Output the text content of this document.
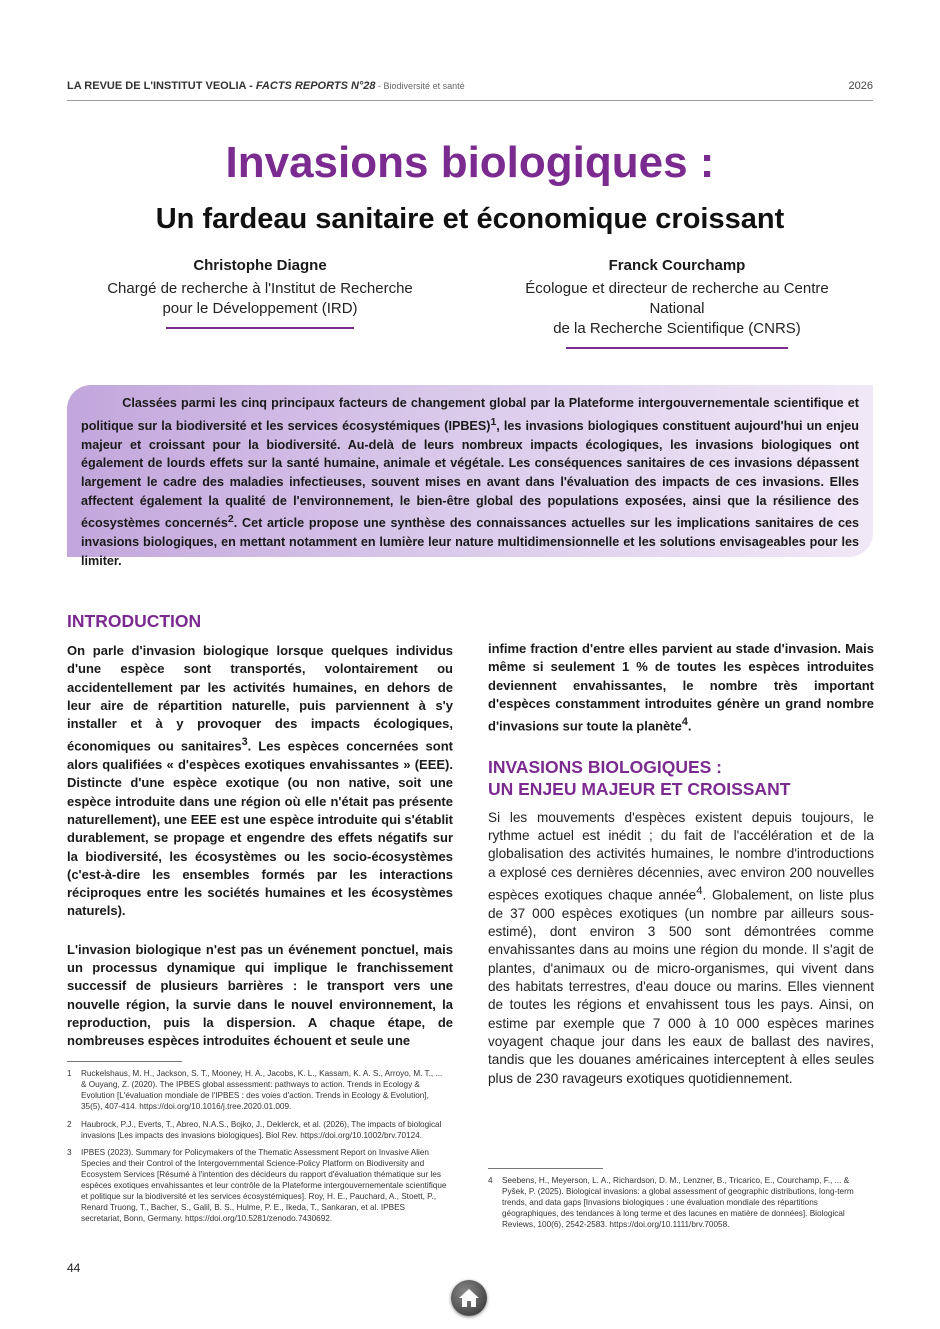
LA REVUE DE L'INSTITUT VEOLIA - FACTS REPORTS N°28 - Biodiversité et santé	2026
Invasions biologiques :
Un fardeau sanitaire et économique croissant
Christophe Diagne
Chargé de recherche à l'Institut de Recherche
pour le Développement (IRD)
Franck Courchamp
Écologue et directeur de recherche au Centre National
de la Recherche Scientifique (CNRS)
Classées parmi les cinq principaux facteurs de changement global par la Plateforme intergouvernementale scientifique et politique sur la biodiversité et les services écosystémiques (IPBES)$^1$, les invasions biologiques constituent aujourd'hui un enjeu majeur et croissant pour la biodiversité. Au-delà de leurs nombreux impacts écologiques, les invasions biologiques ont également de lourds effets sur la santé humaine, animale et végétale. Les conséquences sanitaires de ces invasions dépassent largement le cadre des maladies infectieuses, souvent mises en avant dans l'évaluation des impacts de ces invasions. Elles affectent également la qualité de l'environnement, le bien-être global des populations exposées, ainsi que la résilience des écosystèmes concernés$^2$. Cet article propose une synthèse des connaissances actuelles sur les implications sanitaires de ces invasions biologiques, en mettant notamment en lumière leur nature multidimensionnelle et les solutions envisageables pour les limiter.
INTRODUCTION
On parle d'invasion biologique lorsque quelques individus d'une espèce sont transportés, volontairement ou accidentellement par les activités humaines, en dehors de leur aire de répartition naturelle, puis parviennent à s'y installer et à y provoquer des impacts écologiques, économiques ou sanitaires$^3$. Les espèces concernées sont alors qualifiées « d'espèces exotiques envahissantes » (EEE). Distincte d'une espèce exotique (ou non native, soit une espèce introduite dans une région où elle n'était pas présente naturellement), une EEE est une espèce introduite qui s'établit durablement, se propage et engendre des effets négatifs sur la biodiversité, les écosystèmes ou les socio-écosystèmes (c'est-à-dire les ensembles formés par les interactions réciproques entre les sociétés humaines et les écosystèmes naturels).
L'invasion biologique n'est pas un événement ponctuel, mais un processus dynamique qui implique le franchissement successif de plusieurs barrières : le transport vers une nouvelle région, la survie dans le nouvel environnement, la reproduction, puis la dispersion. A chaque étape, de nombreuses espèces introduites échouent et seule une
infime fraction d'entre elles parvient au stade d'invasion. Mais même si seulement 1 % de toutes les espèces introduites deviennent envahissantes, le nombre très important d'espèces constamment introduites génère un grand nombre d'invasions sur toute la planète$^4$.
INVASIONS BIOLOGIQUES :
UN ENJEU MAJEUR ET CROISSANT
Si les mouvements d'espèces existent depuis toujours, le rythme actuel est inédit ; du fait de l'accélération et de la globalisation des activités humaines, le nombre d'introductions a explosé ces dernières décennies, avec environ 200 nouvelles espèces exotiques chaque année$^4$. Globalement, on liste plus de 37 000 espèces exotiques (un nombre par ailleurs sous-estimé), dont environ 3 500 sont démontrées comme envahissantes dans au moins une région du monde. Il s'agit de plantes, d'animaux ou de micro-organismes, qui vivent dans des habitats terrestres, d'eau douce ou marins. Elles viennent de toutes les régions et envahissent tous les pays. Ainsi, on estime par exemple que 7 000 à 10 000 espèces marines voyagent chaque jour dans les eaux de ballast des navires, tandis que les douanes américaines interceptent à elles seules plus de 230 ravageurs exotiques quotidiennement.
1	Ruckelshaus, M. H., Jackson, S. T., Mooney, H. A., Jacobs, K. L., Kassam, K. A. S., Arroyo, M. T., ... & Ouyang, Z. (2020). The IPBES global assessment: pathways to action. Trends in Ecology & Evolution [L'évaluation mondiale de l'IPBES : des voies d'action. Trends in Ecology & Evolution], 35(5), 407-414. https://doi.org/10.1016/j.tree.2020.01.009.
2	Haubrock, P.J., Everts, T., Abreo, N.A.S., Bojko, J., Deklerck, et al. (2026), The impacts of biological invasions [Les impacts des invasions biologiques]. Biol Rev. https://doi.org/10.1002/brv.70124.
3	IPBES (2023). Summary for Policymakers of the Thematic Assessment Report on Invasive Alien Species and their Control of the Intergovernmental Science-Policy Platform on Biodiversity and Ecosystem Services [Résumé à l'intention des décideurs du rapport d'évaluation thématique sur les espèces exotiques envahissantes et leur contrôle de la Plateforme intergouvernementale scientifique et politique sur la biodiversité et les services écosystémiques]. Roy, H. E., Pauchard, A., Stoett, P., Renard Truong, T., Bacher, S., Galil, B. S., Hulme, P. E., Ikeda, T., Sankaran, et al. IPBES secretariat, Bonn, Germany. https://doi.org/10.5281/zenodo.7430692.
4	Seebens, H., Meyerson, L. A., Richardson, D. M., Lenzner, B., Tricarico, E., Courchamp, F., ... & Pyšek, P. (2025). Biological invasions: a global assessment of geographic distributions, long-term trends, and data gaps [Invasions biologiques : une évaluation mondiale des répartitions géographiques, des tendances à long terme et des lacunes en matière de données]. Biological Reviews, 100(6), 2542-2583. https://doi.org/10.1111/brv.70058.
44
